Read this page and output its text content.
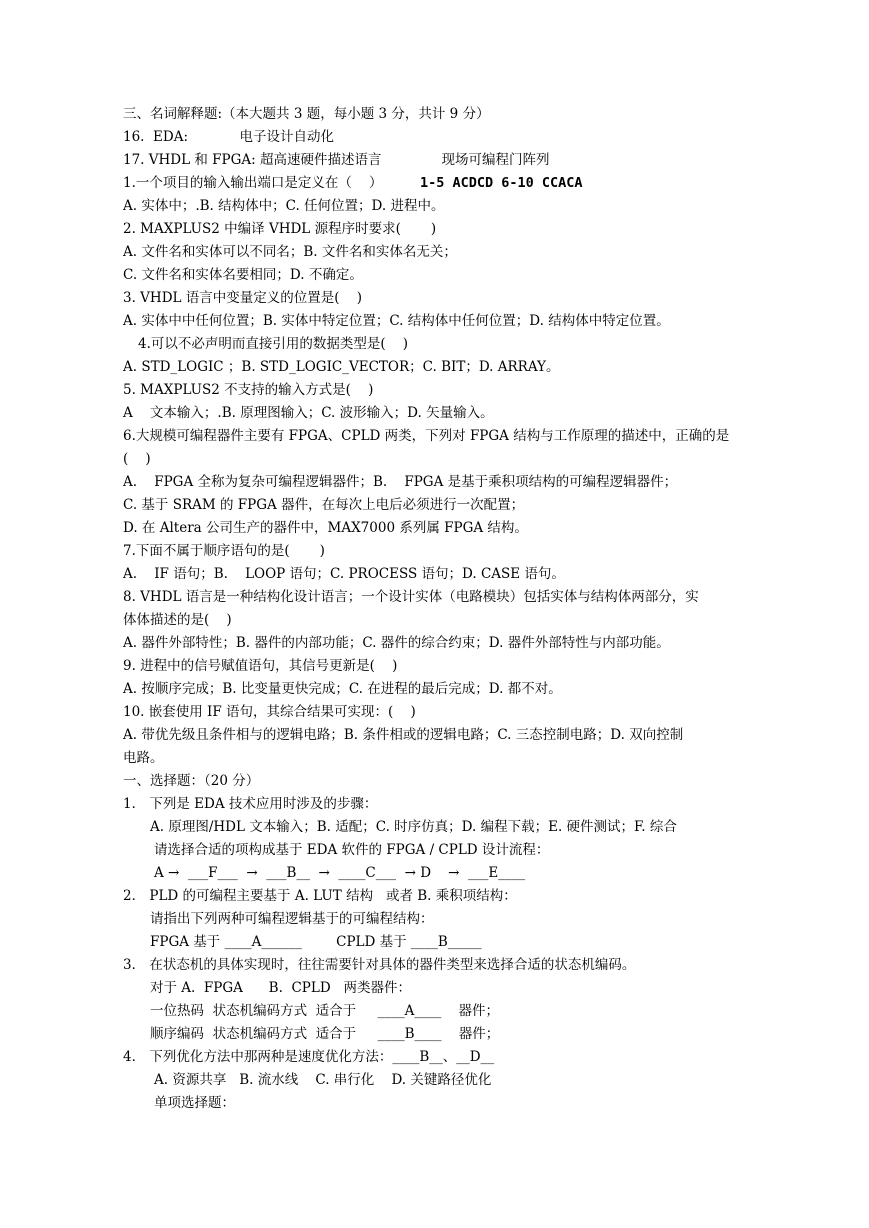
三、名词解释题:（本大题共 3 题，每小题 3 分，共计 9 分）
16.  EDA:            电子设计自动化
17. VHDL 和 FPGA: 超高速硬件描述语言              现场可编程门阵列
1.一个项目的输入输出端口是定义在（    ）	1-5 ACDCD 6-10 CCACA
A. 实体中；.B. 结构体中；C. 任何位置；D. 进程中。
2. MAXPLUS2 中编译 VHDL 源程序时要求(       )
A. 文件名和实体可以不同名；B. 文件名和实体名无关；
C. 文件名和实体名要相同；D. 不确定。
3. VHDL 语言中变量定义的位置是(    )
A. 实体中中任何位置；B. 实体中特定位置；C. 结构体中任何位置；D. 结构体中特定位置。
4.可以不必声明而直接引用的数据类型是(    )
A. STD_LOGIC ；B. STD_LOGIC_VECTOR；C. BIT；D. ARRAY。
5. MAXPLUS2 不支持的输入方式是(    )
A    文本输入；.B. 原理图输入；C. 波形输入；D. 矢量输入。
6.大规模可编程器件主要有 FPGA、CPLD 两类，下列对 FPGA 结构与工作原理的描述中，正确的是
(    )
A.    FPGA 全称为复杂可编程逻辑器件；B.    FPGA 是基于乘积项结构的可编程逻辑器件；
C. 基于 SRAM 的 FPGA 器件，在每次上电后必须进行一次配置；
D. 在 Altera 公司生产的器件中，MAX7000 系列属 FPGA 结构。
7.下面不属于顺序语句的是(       )
A.    IF 语句；B.    LOOP 语句；C. PROCESS 语句；D. CASE 语句。
8. VHDL 语言是一种结构化设计语言；一个设计实体（电路模块）包括实体与结构体两部分，实
体体描述的是(    )
A. 器件外部特性；B. 器件的内部功能；C. 器件的综合约束；D. 器件外部特性与内部功能。
9. 进程中的信号赋值语句，其信号更新是(    )
A. 按顺序完成；B. 比变量更快完成；C. 在进程的最后完成；D. 都不对。
10. 嵌套使用 IF 语句，其综合结果可实现：(    )
A. 带优先级且条件相与的逻辑电路；B. 条件相或的逻辑电路；C. 三态控制电路；D. 双向控制
电路。
一、选择题：（20 分）
1． 下列是 EDA 技术应用时涉及的步骤：
A. 原理图/HDL 文本输入；B. 适配；C. 时序仿真；D. 编程下载；E. 硬件测试；F. 综合
请选择合适的项构成基于 EDA 软件的 FPGA / CPLD 设计流程：
A →  ___F___  →  ___B__  →  ____C___  → D    →  ___E____
2． PLD 的可编程主要基于 A. LUT 结构   或者 B. 乘积项结构：
请指出下列两种可编程逻辑基于的可编程结构：
FPGA 基于 ____A______        CPLD 基于 ____B_____
3． 在状态机的具体实现时，往往需要针对具体的器件类型来选择合适的状态机编码。
对于 A.  FPGA      B.  CPLD   两类器件：
一位热码  状态机编码方式  适合于     ____A____    器件；
顺序编码  状态机编码方式  适合于     ____B____    器件；
4． 下列优化方法中那两种是速度优化方法：____B__、__D__
A. 资源共享   B. 流水线    C. 串行化    D. 关键路径优化
单项选择题：
